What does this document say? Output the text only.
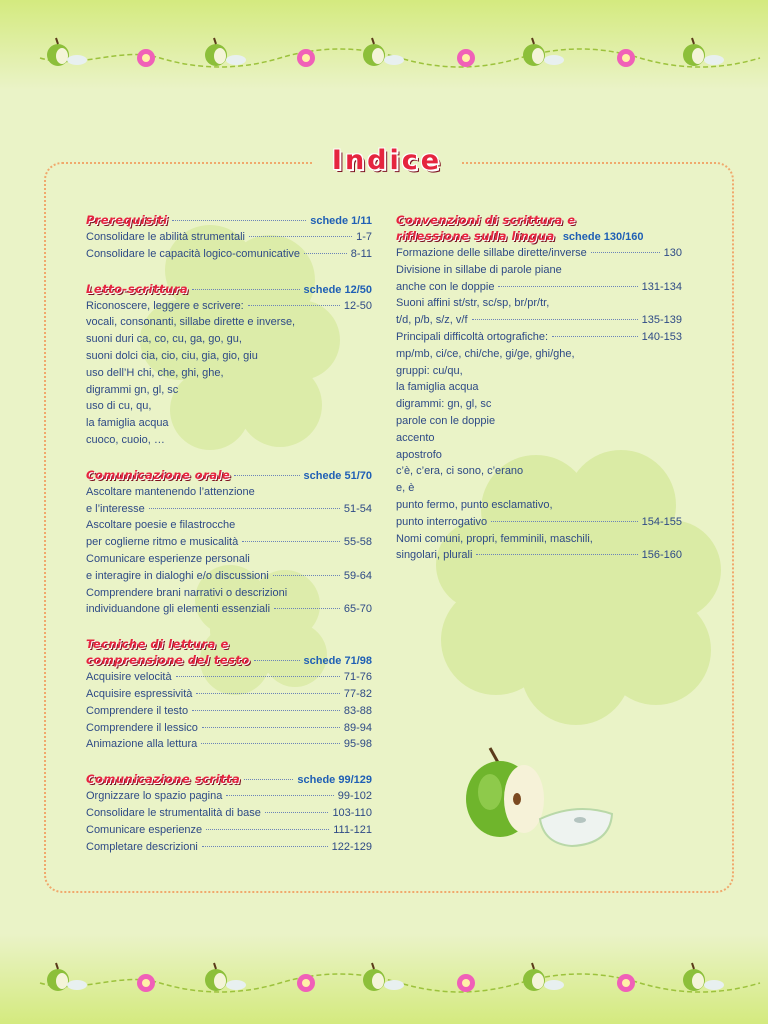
Indice
Prerequisiti	schede 1/11
Consolidare le abilità strumentali	1-7
Consolidare le capacità logico-comunicative	8-11
Letto-scrittura	schede 12/50
Riconoscere, leggere e scrivere:	12-50
vocali, consonanti, sillabe dirette e inverse,
suoni duri ca, co, cu, ga, go, gu,
suoni dolci cia, cio, ciu, gia, gio, giu
uso dell’H chi, che, ghi, ghe,
digrammi gn, gl, sc
uso di cu, qu,
la famiglia acqua
cuoco, cuoio, …
Comunicazione orale	schede 51/70
Ascoltare mantenendo l’attenzione
e l’interesse	51-54
Ascoltare poesie e filastrocche
per coglierne ritmo e musicalità	55-58
Comunicare esperienze personali
e interagire in dialoghi e/o discussioni	59-64
Comprendere brani narrativi o descrizioni
individuandone gli elementi essenziali	65-70
Tecniche di lettura e
comprensione del testo	schede 71/98
Acquisire velocità	71-76
Acquisire espressività	77-82
Comprendere il testo	83-88
Comprendere il lessico	89-94
Animazione alla lettura	95-98
Comunicazione scritta	schede 99/129
Orgnizzare lo spazio pagina	99-102
Consolidare le strumentalità di base	103-110
Comunicare esperienze	111-121
Completare descrizioni	122-129
Convenzioni di scrittura e
riflessione sulla lingua schede 130/160
Formazione delle sillabe dirette/inverse	130
Divisione in sillabe di parole piane
anche con le doppie	131-134
Suoni affini st/str, sc/sp, br/pr/tr,
t/d, p/b, s/z, v/f	135-139
Principali difficoltà ortografiche:	140-153
mp/mb, ci/ce, chi/che, gi/ge, ghi/ghe,
gruppi: cu/qu,
la famiglia acqua
digrammi: gn, gl, sc
parole con le doppie
accento
apostrofo
c’è, c’era, ci sono, c’erano
e, è
punto fermo, punto esclamativo,
punto interrogativo	154-155
Nomi comuni, propri, femminili, maschili,
singolari, plurali	156-160
